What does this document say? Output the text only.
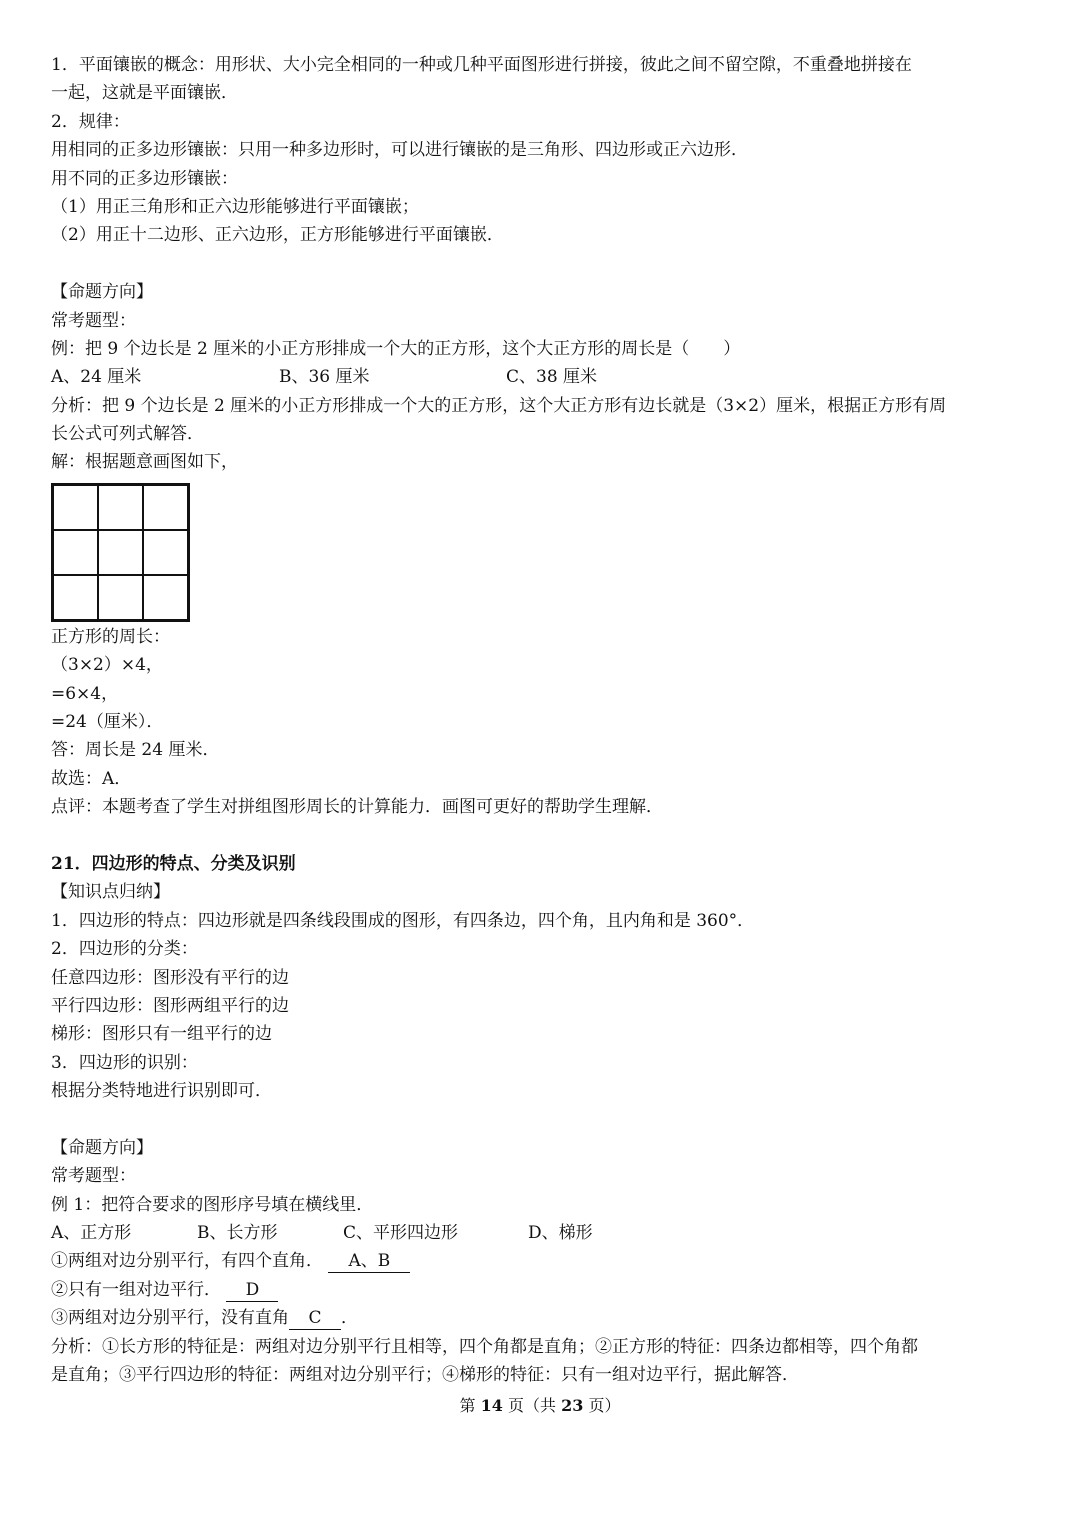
1．平面镶嵌的概念：用形状、大小完全相同的一种或几种平面图形进行拼接，彼此之间不留空隙，不重叠地拼接在
一起，这就是平面镶嵌．
2．规律：
用相同的正多边形镶嵌：只用一种多边形时，可以进行镶嵌的是三角形、四边形或正六边形．
用不同的正多边形镶嵌：
（1）用正三角形和正六边形能够进行平面镶嵌；
（2）用正十二边形、正六边形，正方形能够进行平面镶嵌．
【命题方向】
常考题型：
例：把 9 个边长是 2 厘米的小正方形排成一个大的正方形，这个大正方形的周长是（　　）
A、24 厘米	B、36 厘米	C、38 厘米
分析：把 9 个边长是 2 厘米的小正方形排成一个大的正方形，这个大正方形有边长就是（3×2）厘米，根据正方形有周
长公式可列式解答．
解：根据题意画图如下，
正方形的周长：
（3×2）×4，
=6×4，
=24（厘米）．
答：周长是 24 厘米．
故选：A．
点评：本题考查了学生对拼组图形周长的计算能力．画图可更好的帮助学生理解．
21．四边形的特点、分类及识别
【知识点归纳】
1．四边形的特点：四边形就是四条线段围成的图形，有四条边，四个角，且内角和是 360°．
2．四边形的分类：
任意四边形：图形没有平行的边
平行四边形：图形两组平行的边
梯形：图形只有一组平行的边
3．四边形的识别：
根据分类特地进行识别即可．
【命题方向】
常考题型：
例 1：把符合要求的图形序号填在横线里．
A、正方形	B、长方形	C、平形四边形	D、梯形
①两组对边分别平行，有四个直角． A、B
②只有一组对边平行． D
③两组对边分别平行，没有直角 C ．
分析：①长方形的特征是：两组对边分别平行且相等，四个角都是直角；②正方形的特征：四条边都相等，四个角都
是直角；③平行四边形的特征：两组对边分别平行；④梯形的特征：只有一组对边平行，据此解答．
第 14 页（共 23 页）
